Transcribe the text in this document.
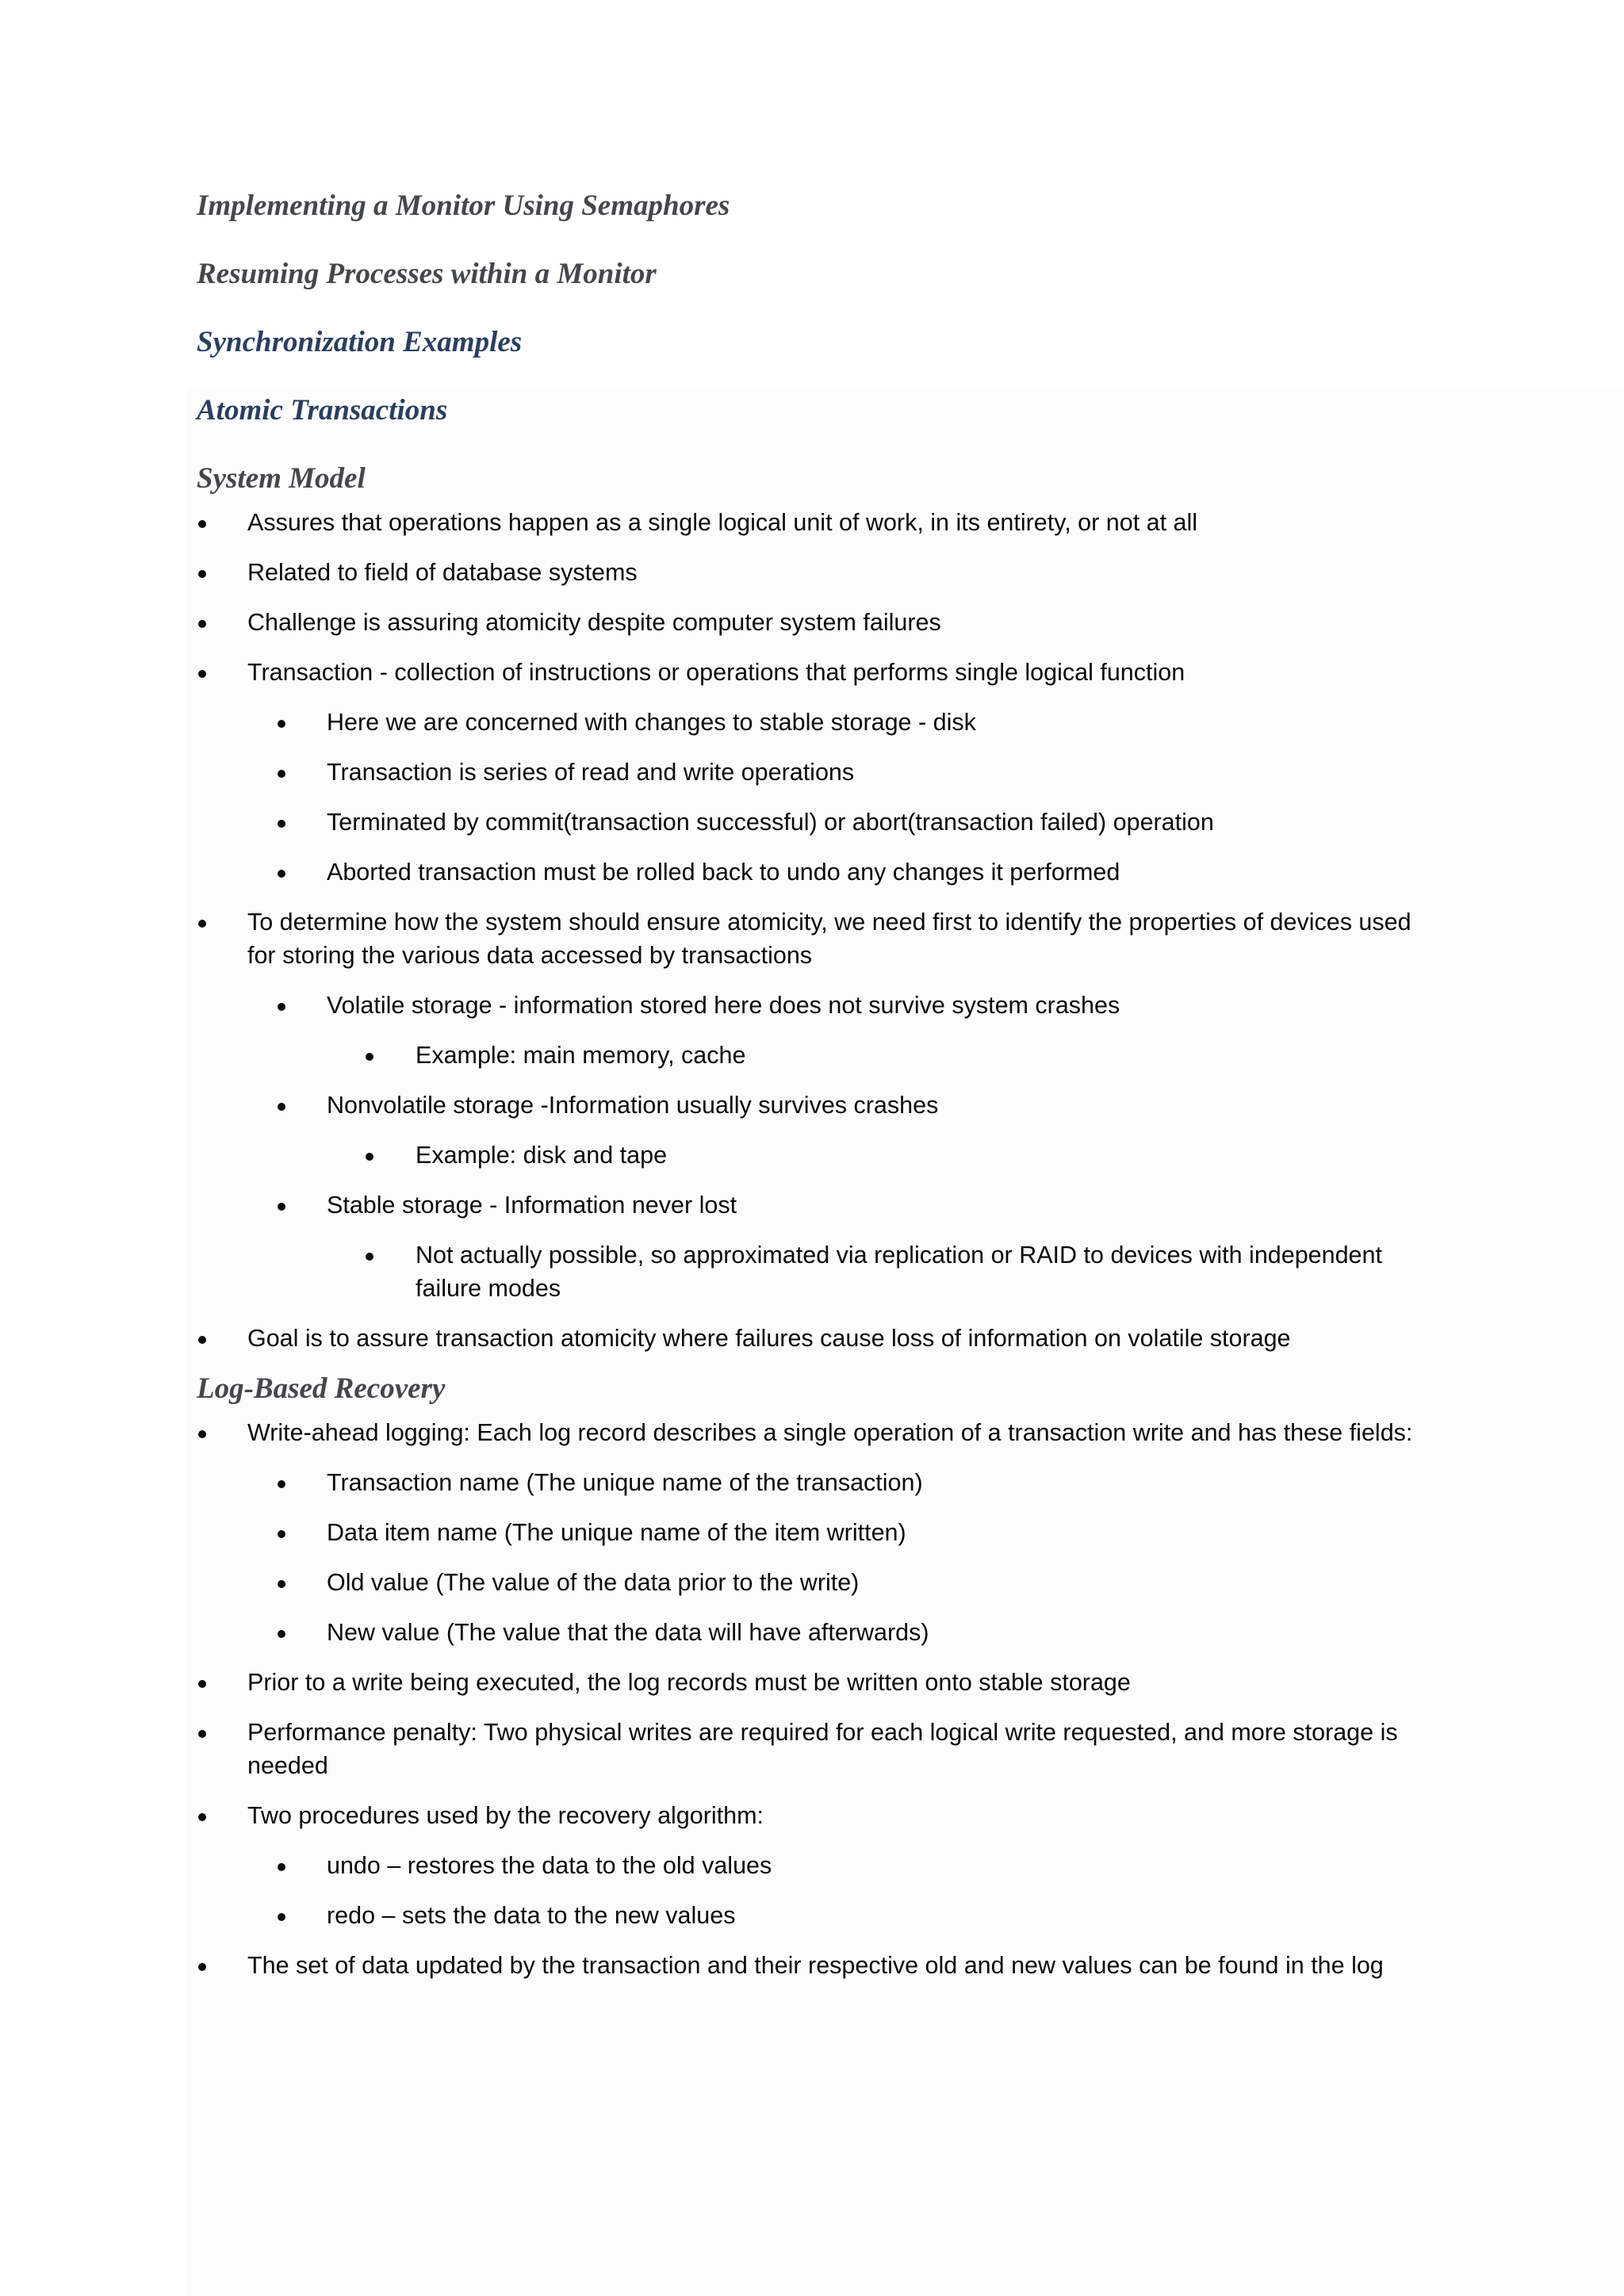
Implementing a Monitor Using Semaphores
Resuming Processes within a Monitor
Synchronization Examples
Atomic Transactions
System Model
Assures that operations happen as a single logical unit of work, in its entirety, or not at all
Related to field of database systems
Challenge is assuring atomicity despite computer system failures
Transaction - collection of instructions or operations that performs single logical function
Here we are concerned with changes to stable storage - disk
Transaction is series of read and write operations
Terminated by commit(transaction successful) or abort(transaction failed) operation
Aborted transaction must be rolled back to undo any changes it performed
To determine how the system should ensure atomicity, we need first to identify the properties of devices used for storing the various data accessed by transactions
Volatile storage - information stored here does not survive system crashes
Example: main memory, cache
Nonvolatile storage -Information usually survives crashes
Example: disk and tape
Stable storage - Information never lost
Not actually possible, so approximated via replication or RAID to devices with independent failure modes
Goal is to assure transaction atomicity where failures cause loss of information on volatile storage
Log-Based Recovery
Write-ahead logging: Each log record describes a single operation of a transaction write and has these fields:
Transaction name (The unique name of the transaction)
Data item name (The unique name of the item written)
Old value (The value of the data prior to the write)
New value (The value that the data will have afterwards)
Prior to a write being executed, the log records must be written onto stable storage
Performance penalty: Two physical writes are required for each logical write requested, and more storage is needed
Two procedures used by the recovery algorithm:
undo – restores the data to the old values
redo – sets the data to the new values
The set of data updated by the transaction and their respective old and new values can be found in the log
